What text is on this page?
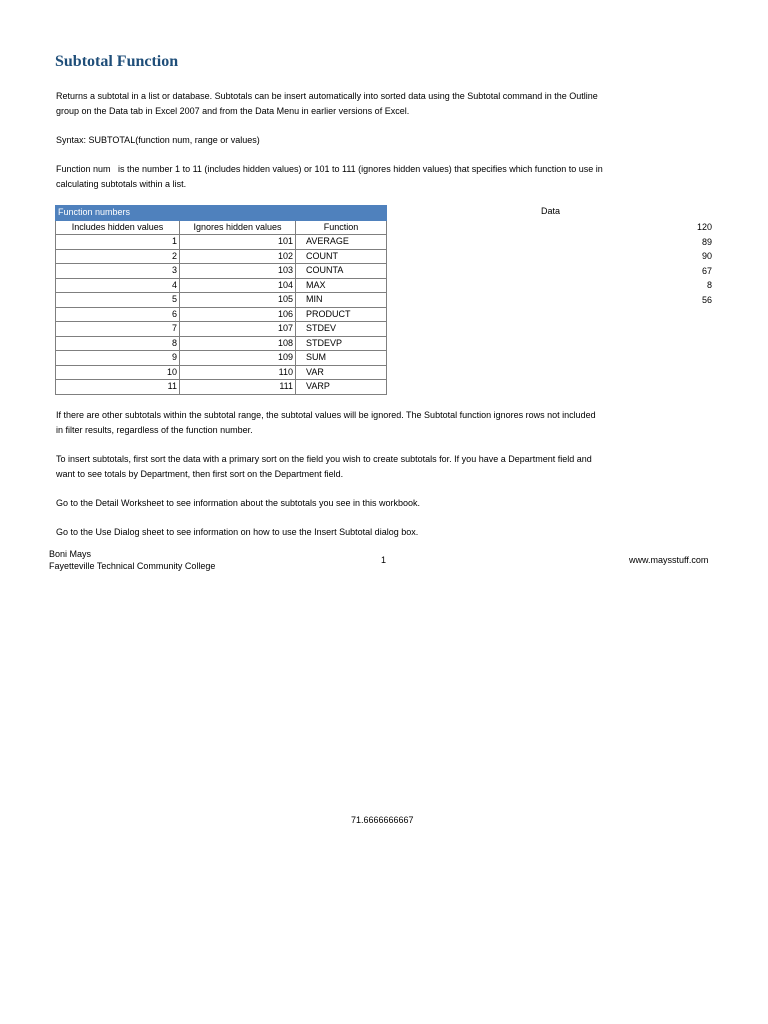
Subtotal Function
Returns a subtotal in a list or database. Subtotals can be insert automatically into sorted data using the Subtotal command in the Outline
group on the Data tab in Excel 2007 and from the Data Menu in earlier versions of Excel.
Syntax: SUBTOTAL(function num, range or values)
Function num   is the number 1 to 11 (includes hidden values) or 101 to 111 (ignores hidden values) that specifies which function to use in
calculating subtotals within a list.
Function numbers		
Includes hidden values	Ignores hidden values	Function
1	101	AVERAGE
2	102	COUNT
3	103	COUNTA
4	104	MAX
5	105	MIN
6	106	PRODUCT
7	107	STDEV
8	108	STDEVP
9	109	SUM
10	110	VAR
11	111	VARP
Data
120
89
90
67
8
56
If there are other subtotals within the subtotal range, the subtotal values will be ignored. The Subtotal function ignores rows not included
in filter results, regardless of the function number.
To insert subtotals, first sort the data with a primary sort on the field you wish to create subtotals for. If you have a Department field and
want to see totals by Department, then first sort on the Department field.
Go to the Detail Worksheet to see information about the subtotals you see in this workbook.
Go to the Use Dialog sheet to see information on how to use the Insert Subtotal dialog box.
Boni Mays
Fayetteville Technical Community College
1	www.maysstuff.com
71.6666666667
